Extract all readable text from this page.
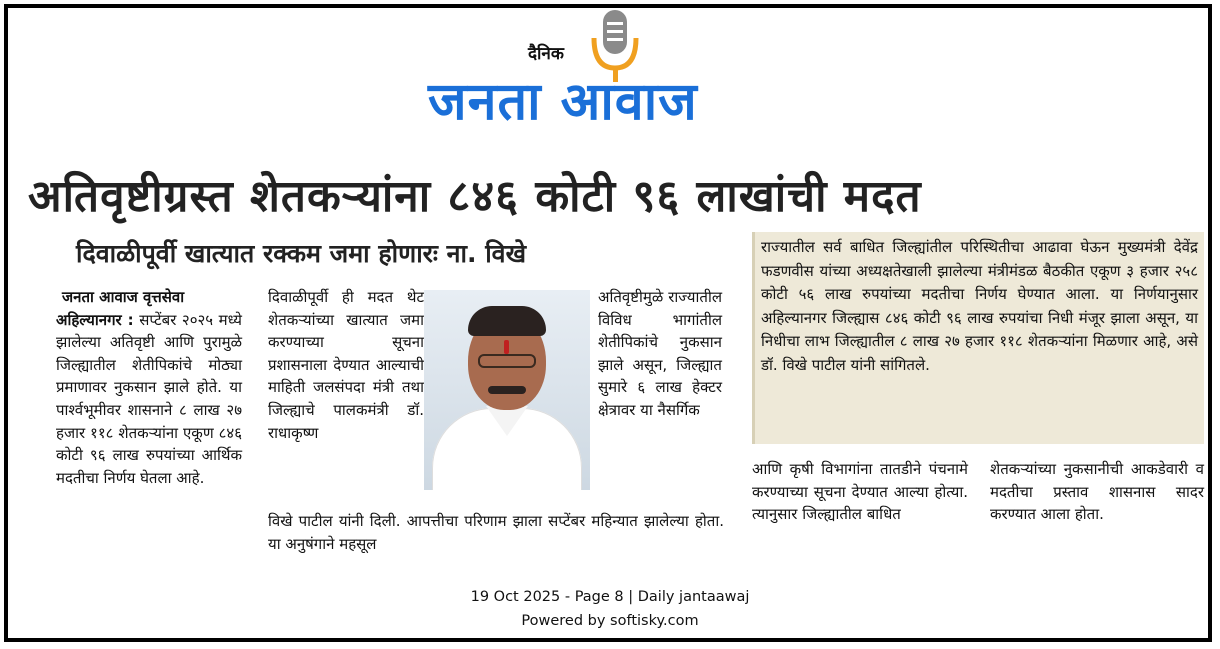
दैनिक
जनता आवाज
अतिवृष्टीग्रस्त शेतकऱ्यांना ८४६ कोटी ९६ लाखांची मदत
दिवाळीपूर्वी खात्यात रक्कम जमा होणारः ना. विखे
जनता आवाज वृत्तसेवा
अहिल्यानगर : सप्टेंबर २०२५ मध्ये झालेल्या अतिवृष्टी आणि पुरामुळे जिल्ह्यातील शेतीपिकांचे मोठ्या प्रमाणावर नुकसान झाले होते. या पार्श्वभूमीवर शासनाने ८ लाख २७ हजार ११८ शेतकऱ्यांना एकूण ८४६ कोटी ९६ लाख रुपयांच्या आर्थिक मदतीचा निर्णय घेतला आहे.
दिवाळीपूर्वी ही मदत थेट शेतकऱ्यांच्या खात्यात जमा करण्याच्या सूचना प्रशासनाला देण्यात आल्याची माहिती जलसंपदा मंत्री तथा जिल्ह्याचे पालकमंत्री डॉ. राधाकृष्ण
अतिवृष्टीमुळे राज्यातील विविध भागांतील शेतीपिकांचे नुकसान झाले असून, जिल्ह्यात सुमारे ६ लाख हेक्टर क्षेत्रावर या नैसर्गिक
विखे पाटील यांनी दिली. आपत्तीचा परिणाम झाला सप्टेंबर महिन्यात झालेल्या होता. या अनुषंगाने महसूल
राज्यातील सर्व बाधित जिल्ह्यांतील परिस्थितीचा आढावा घेऊन मुख्यमंत्री देवेंद्र फडणवीस यांच्या अध्यक्षतेखाली झालेल्या मंत्रीमंडळ बैठकीत एकूण ३ हजार २५८ कोटी ५६ लाख रुपयांच्या मदतीचा निर्णय घेण्यात आला. या निर्णयानुसार अहिल्यानगर जिल्ह्यास ८४६ कोटी ९६ लाख रुपयांचा निधी मंजूर झाला असून, या निधीचा लाभ जिल्ह्यातील ८ लाख २७ हजार ११८ शेतकऱ्यांना मिळणार आहे, असे डॉ. विखे पाटील यांनी सांगितले.
आणि कृषी विभागांना तातडीने पंचनामे करण्याच्या सूचना देण्यात आल्या होत्या. त्यानुसार जिल्ह्यातील बाधित
शेतकऱ्यांच्या नुकसानीची आकडेवारी व मदतीचा प्रस्ताव शासनास सादर करण्यात आला होता.
19 Oct 2025 - Page 8 | Daily jantaawaj
Powered by softisky.com
